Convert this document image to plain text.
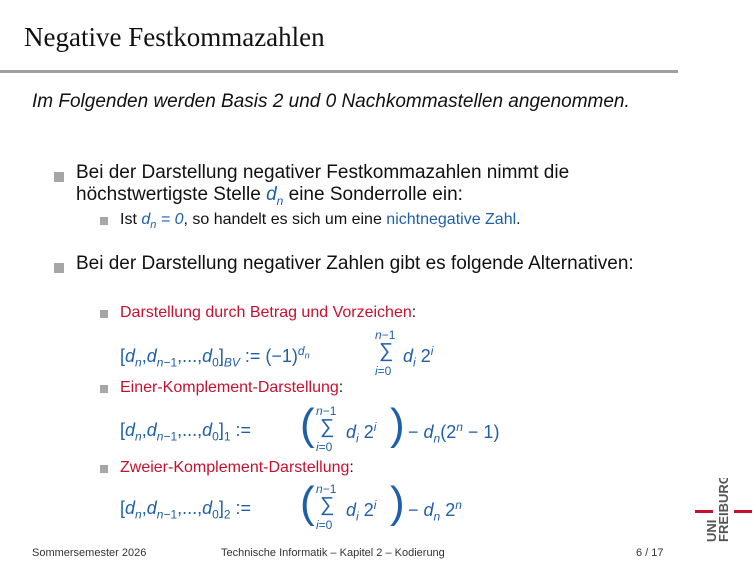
Negative Festkommazahlen
Im Folgenden werden Basis 2 und 0 Nachkommastellen angenommen.
Bei der Darstellung negativer Festkommazahlen nimmt die höchstwertigste Stelle $d_n$ eine Sonderrolle ein:
Ist $d_n = 0$, so handelt es sich um eine nichtnegative Zahl.
Bei der Darstellung negativer Zahlen gibt es folgende Alternativen:
Darstellung durch Betrag und Vorzeichen:
$[d_n,d_{n-1},...,d_0]_{BV}$ := $(-1)^{d_n}$
n−1
∑
i=0
$d_i$ 2$^i$
Einer-Komplement-Darstellung:
$[d_n,d_{n-1},...,d_0]_1$ := ( n−1
∑
i=0
$d_i$ 2$^i$ ) − $d_n(2^n - 1)$
Zweier-Komplement-Darstellung:
$[d_n,d_{n-1},...,d_0]_2$ := ( n−1
∑
i=0
$d_i$ 2$^i$ ) − $d_n$ 2$^n$
UNI
FREIBURG
Sommersemester 2026	Technische Informatik – Kapitel 2 – Kodierung	6 / 17
